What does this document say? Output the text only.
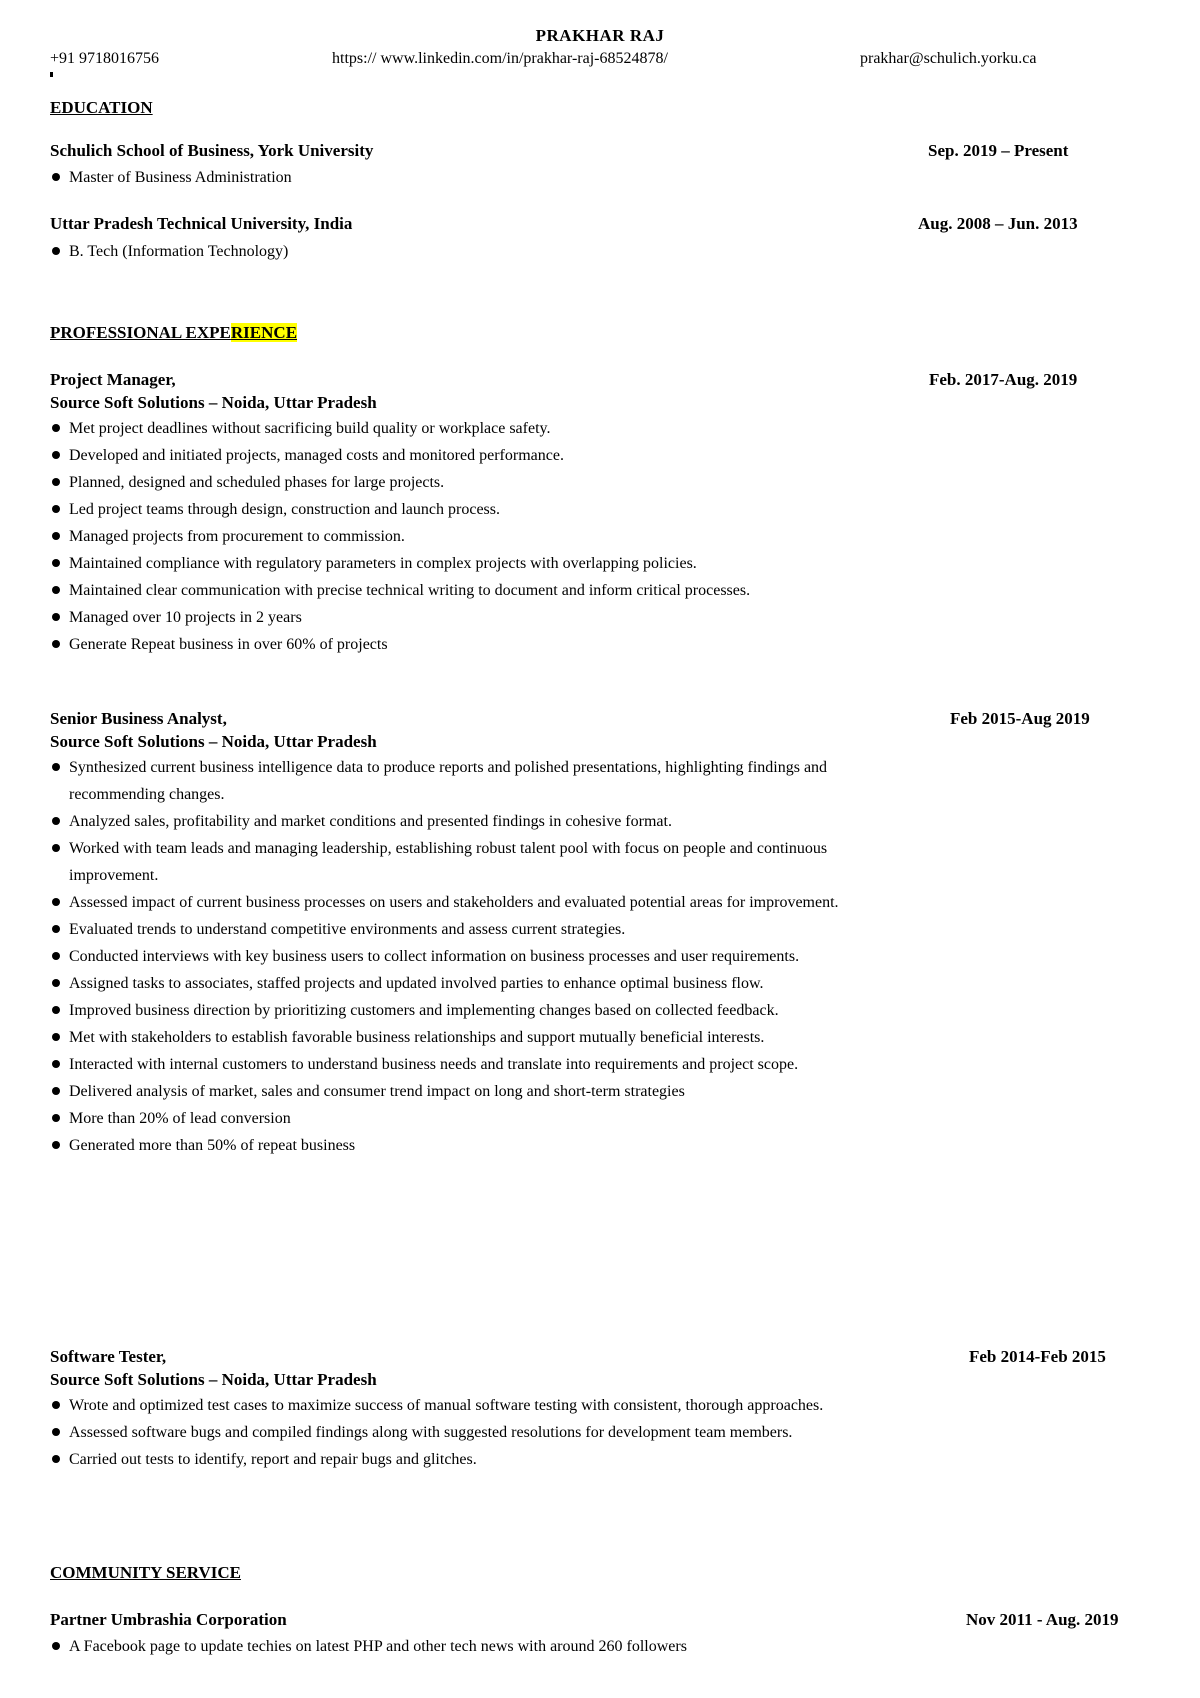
PRAKHAR RAJ
+91 9718016756	https:// www.linkedin.com/in/prakhar-raj-68524878/	prakhar@schulich.yorku.ca
EDUCATION
Schulich School of Business, York University	Sep. 2019 – Present
Master of Business Administration
Uttar Pradesh Technical University, India	Aug. 2008 – Jun. 2013
B. Tech (Information Technology)
PROFESSIONAL EXPERIENCE
Project Manager,	Feb. 2017-Aug. 2019
Source Soft Solutions – Noida, Uttar Pradesh
Met project deadlines without sacrificing build quality or workplace safety.
Developed and initiated projects, managed costs and monitored performance.
Planned, designed and scheduled phases for large projects.
Led project teams through design, construction and launch process.
Managed projects from procurement to commission.
Maintained compliance with regulatory parameters in complex projects with overlapping policies.
Maintained clear communication with precise technical writing to document and inform critical processes.
Managed over 10 projects in 2 years
Generate Repeat business in over 60% of projects
Senior Business Analyst,	Feb 2015-Aug 2019
Source Soft Solutions – Noida, Uttar Pradesh
Synthesized current business intelligence data to produce reports and polished presentations, highlighting findings and recommending changes.
Analyzed sales, profitability and market conditions and presented findings in cohesive format.
Worked with team leads and managing leadership, establishing robust talent pool with focus on people and continuous improvement.
Assessed impact of current business processes on users and stakeholders and evaluated potential areas for improvement.
Evaluated trends to understand competitive environments and assess current strategies.
Conducted interviews with key business users to collect information on business processes and user requirements.
Assigned tasks to associates, staffed projects and updated involved parties to enhance optimal business flow.
Improved business direction by prioritizing customers and implementing changes based on collected feedback.
Met with stakeholders to establish favorable business relationships and support mutually beneficial interests.
Interacted with internal customers to understand business needs and translate into requirements and project scope.
Delivered analysis of market, sales and consumer trend impact on long and short-term strategies
More than 20% of lead conversion
Generated more than 50% of repeat business
Software Tester,	Feb 2014-Feb 2015
Source Soft Solutions – Noida, Uttar Pradesh
Wrote and optimized test cases to maximize success of manual software testing with consistent, thorough approaches.
Assessed software bugs and compiled findings along with suggested resolutions for development team members.
Carried out tests to identify, report and repair bugs and glitches.
COMMUNITY SERVICE
Partner Umbrashia Corporation	Nov 2011 - Aug. 2019
A Facebook page to update techies on latest PHP and other tech news with around 260 followers
